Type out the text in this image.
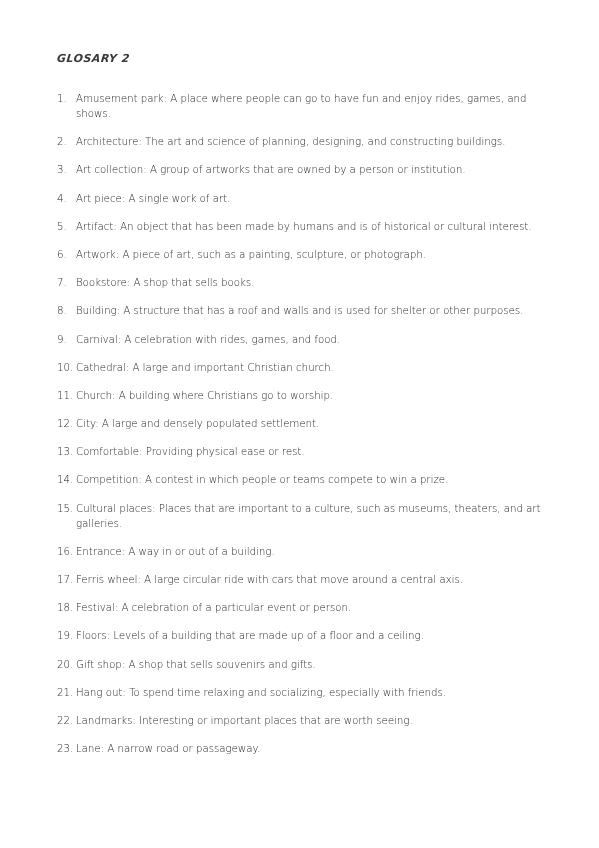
GLOSARY 2
1. Amusement park: A place where people can go to have fun and enjoy rides, games, and shows.
2. Architecture: The art and science of planning, designing, and constructing buildings.
3. Art collection: A group of artworks that are owned by a person or institution.
4. Art piece: A single work of art.
5. Artifact: An object that has been made by humans and is of historical or cultural interest.
6. Artwork: A piece of art, such as a painting, sculpture, or photograph.
7. Bookstore: A shop that sells books.
8. Building: A structure that has a roof and walls and is used for shelter or other purposes.
9. Carnival: A celebration with rides, games, and food.
10. Cathedral: A large and important Christian church.
11. Church: A building where Christians go to worship.
12. City: A large and densely populated settlement.
13. Comfortable: Providing physical ease or rest.
14. Competition: A contest in which people or teams compete to win a prize.
15. Cultural places: Places that are important to a culture, such as museums, theaters, and art galleries.
16. Entrance: A way in or out of a building.
17. Ferris wheel: A large circular ride with cars that move around a central axis.
18. Festival: A celebration of a particular event or person.
19. Floors: Levels of a building that are made up of a floor and a ceiling.
20. Gift shop: A shop that sells souvenirs and gifts.
21. Hang out: To spend time relaxing and socializing, especially with friends.
22. Landmarks: Interesting or important places that are worth seeing.
23. Lane: A narrow road or passageway.
